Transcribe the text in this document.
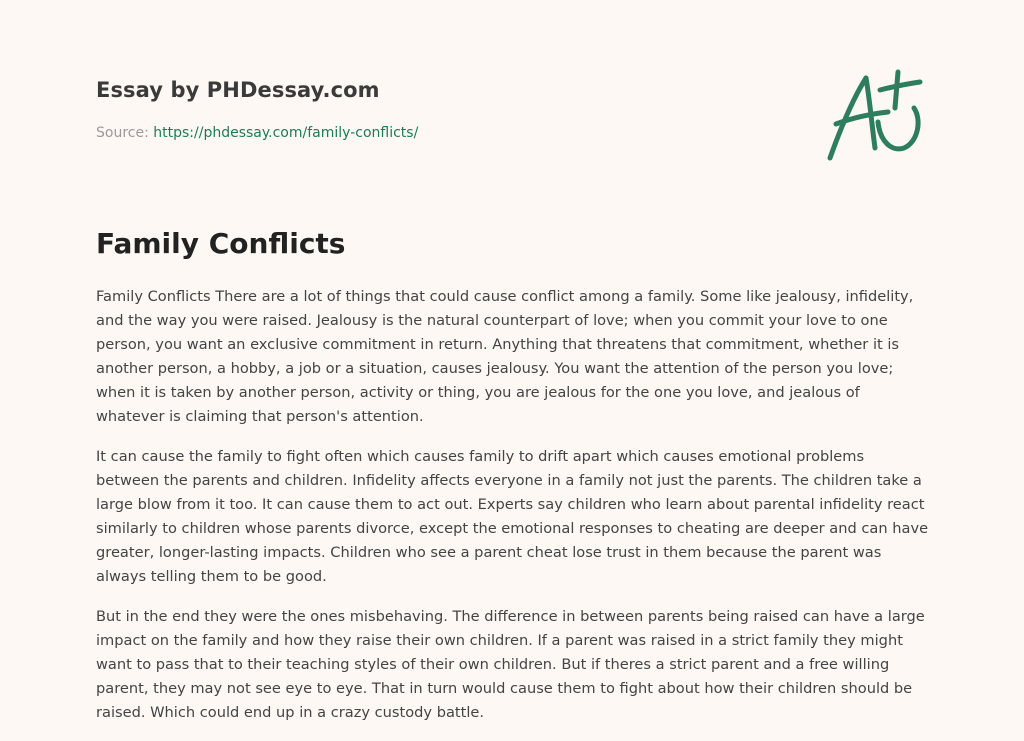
Essay by PHDessay.com
Source: https://phdessay.com/family-conflicts/
Family Conflicts

Family Conflicts There are a lot of things that could cause conflict among a family. Some like jealousy, infidelity, and the way you were raised. Jealousy is the natural counterpart of love; when you commit your love to one person, you want an exclusive commitment in return. Anything that threatens that commitment, whether it is another person, a hobby, a job or a situation, causes jealousy. You want the attention of the person you love; when it is taken by another person, activity or thing, you are jealous for the one you love, and jealous of whatever is claiming that person's attention.

It can cause the family to fight often which causes family to drift apart which causes emotional problems between the parents and children. Infidelity affects everyone in a family not just the parents. The children take a large blow from it too. It can cause them to act out. Experts say children who learn about parental infidelity react similarly to children whose parents divorce, except the emotional responses to cheating are deeper and can have greater, longer-lasting impacts. Children who see a parent cheat lose trust in them because the parent was always telling them to be good.

But in the end they were the ones misbehaving. The difference in between parents being raised can have a large impact on the family and how they raise their own children. If a parent was raised in a strict family they might want to pass that to their teaching styles of their own children. But if theres a strict parent and a free willing parent, they may not see eye to eye. That in turn would cause them to fight about how their children should be raised. Which could end up in a crazy custody battle.
